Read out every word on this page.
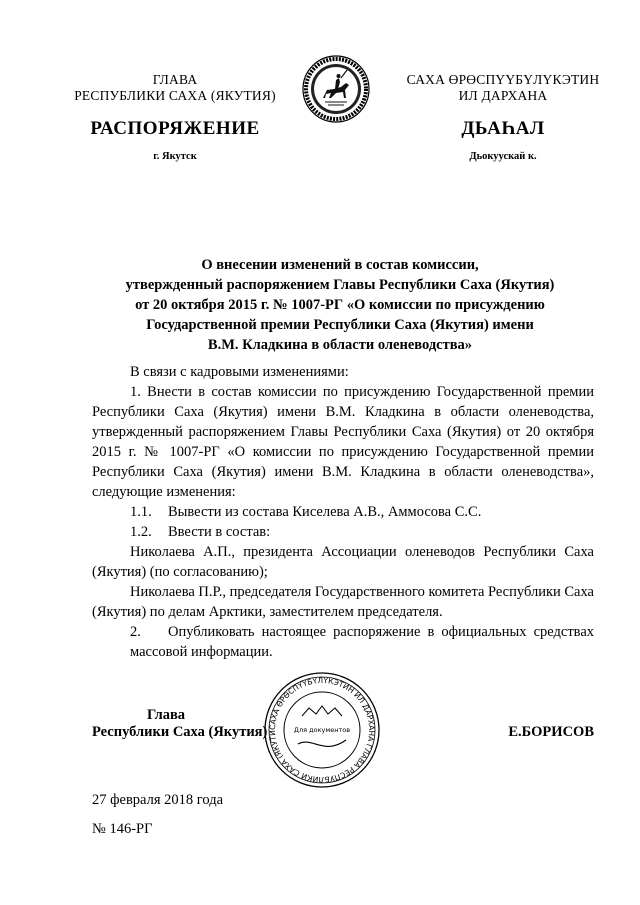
ГЛАВА
РЕСПУБЛИКИ САХА (ЯКУТИЯ)
САХА ӨРӨСПҮҮБҮЛҮКЭТИН
ИЛ ДАРХАНА
РАСПОРЯЖЕНИЕ	ДЬАҺАЛ
г. Якутск	Дьокуускай к.
О внесении изменений в состав комиссии,
утвержденный распоряжением Главы Республики Саха (Якутия)
от 20 октября 2015 г. № 1007-РГ «О комиссии по присуждению
Государственной премии Республики Саха (Якутия) имени
В.М. Кладкина в области оленеводства»

В связи с кадровыми изменениями:

1. Внести в состав комиссии по присуждению Государственной премии Республики Саха (Якутия) имени В.М. Кладкина в области оленеводства, утвержденный распоряжением Главы Республики Саха (Якутия) от 20 октября 2015 г. № 1007-РГ «О комиссии по присуждению Государственной премии Республики Саха (Якутия) имени В.М. Кладкина в области оленеводства», следующие изменения:

1.1. Вывести из состава Киселева А.В., Аммосова С.С.

1.2. Ввести в состав:

Николаева А.П., президента Ассоциации оленеводов Республики Саха (Якутия) (по согласованию);

Николаева П.Р., председателя Государственного комитета Республики Саха (Якутия) по делам Арктики, заместителем председателя.

2. Опубликовать настоящее распоряжение в официальных средствах массовой информации.

САХА ӨРӨСПҮҮБҮЛҮКЭТИН ИЛ ДАРХАНА ГЛАВА РЕСПУБЛИКИ САХА (ЯКУТИ	Для документов
Глава
Республики Саха (Якутия)	Е.БОРИСОВ
27 февраля 2018 года
№ 146-РГ
